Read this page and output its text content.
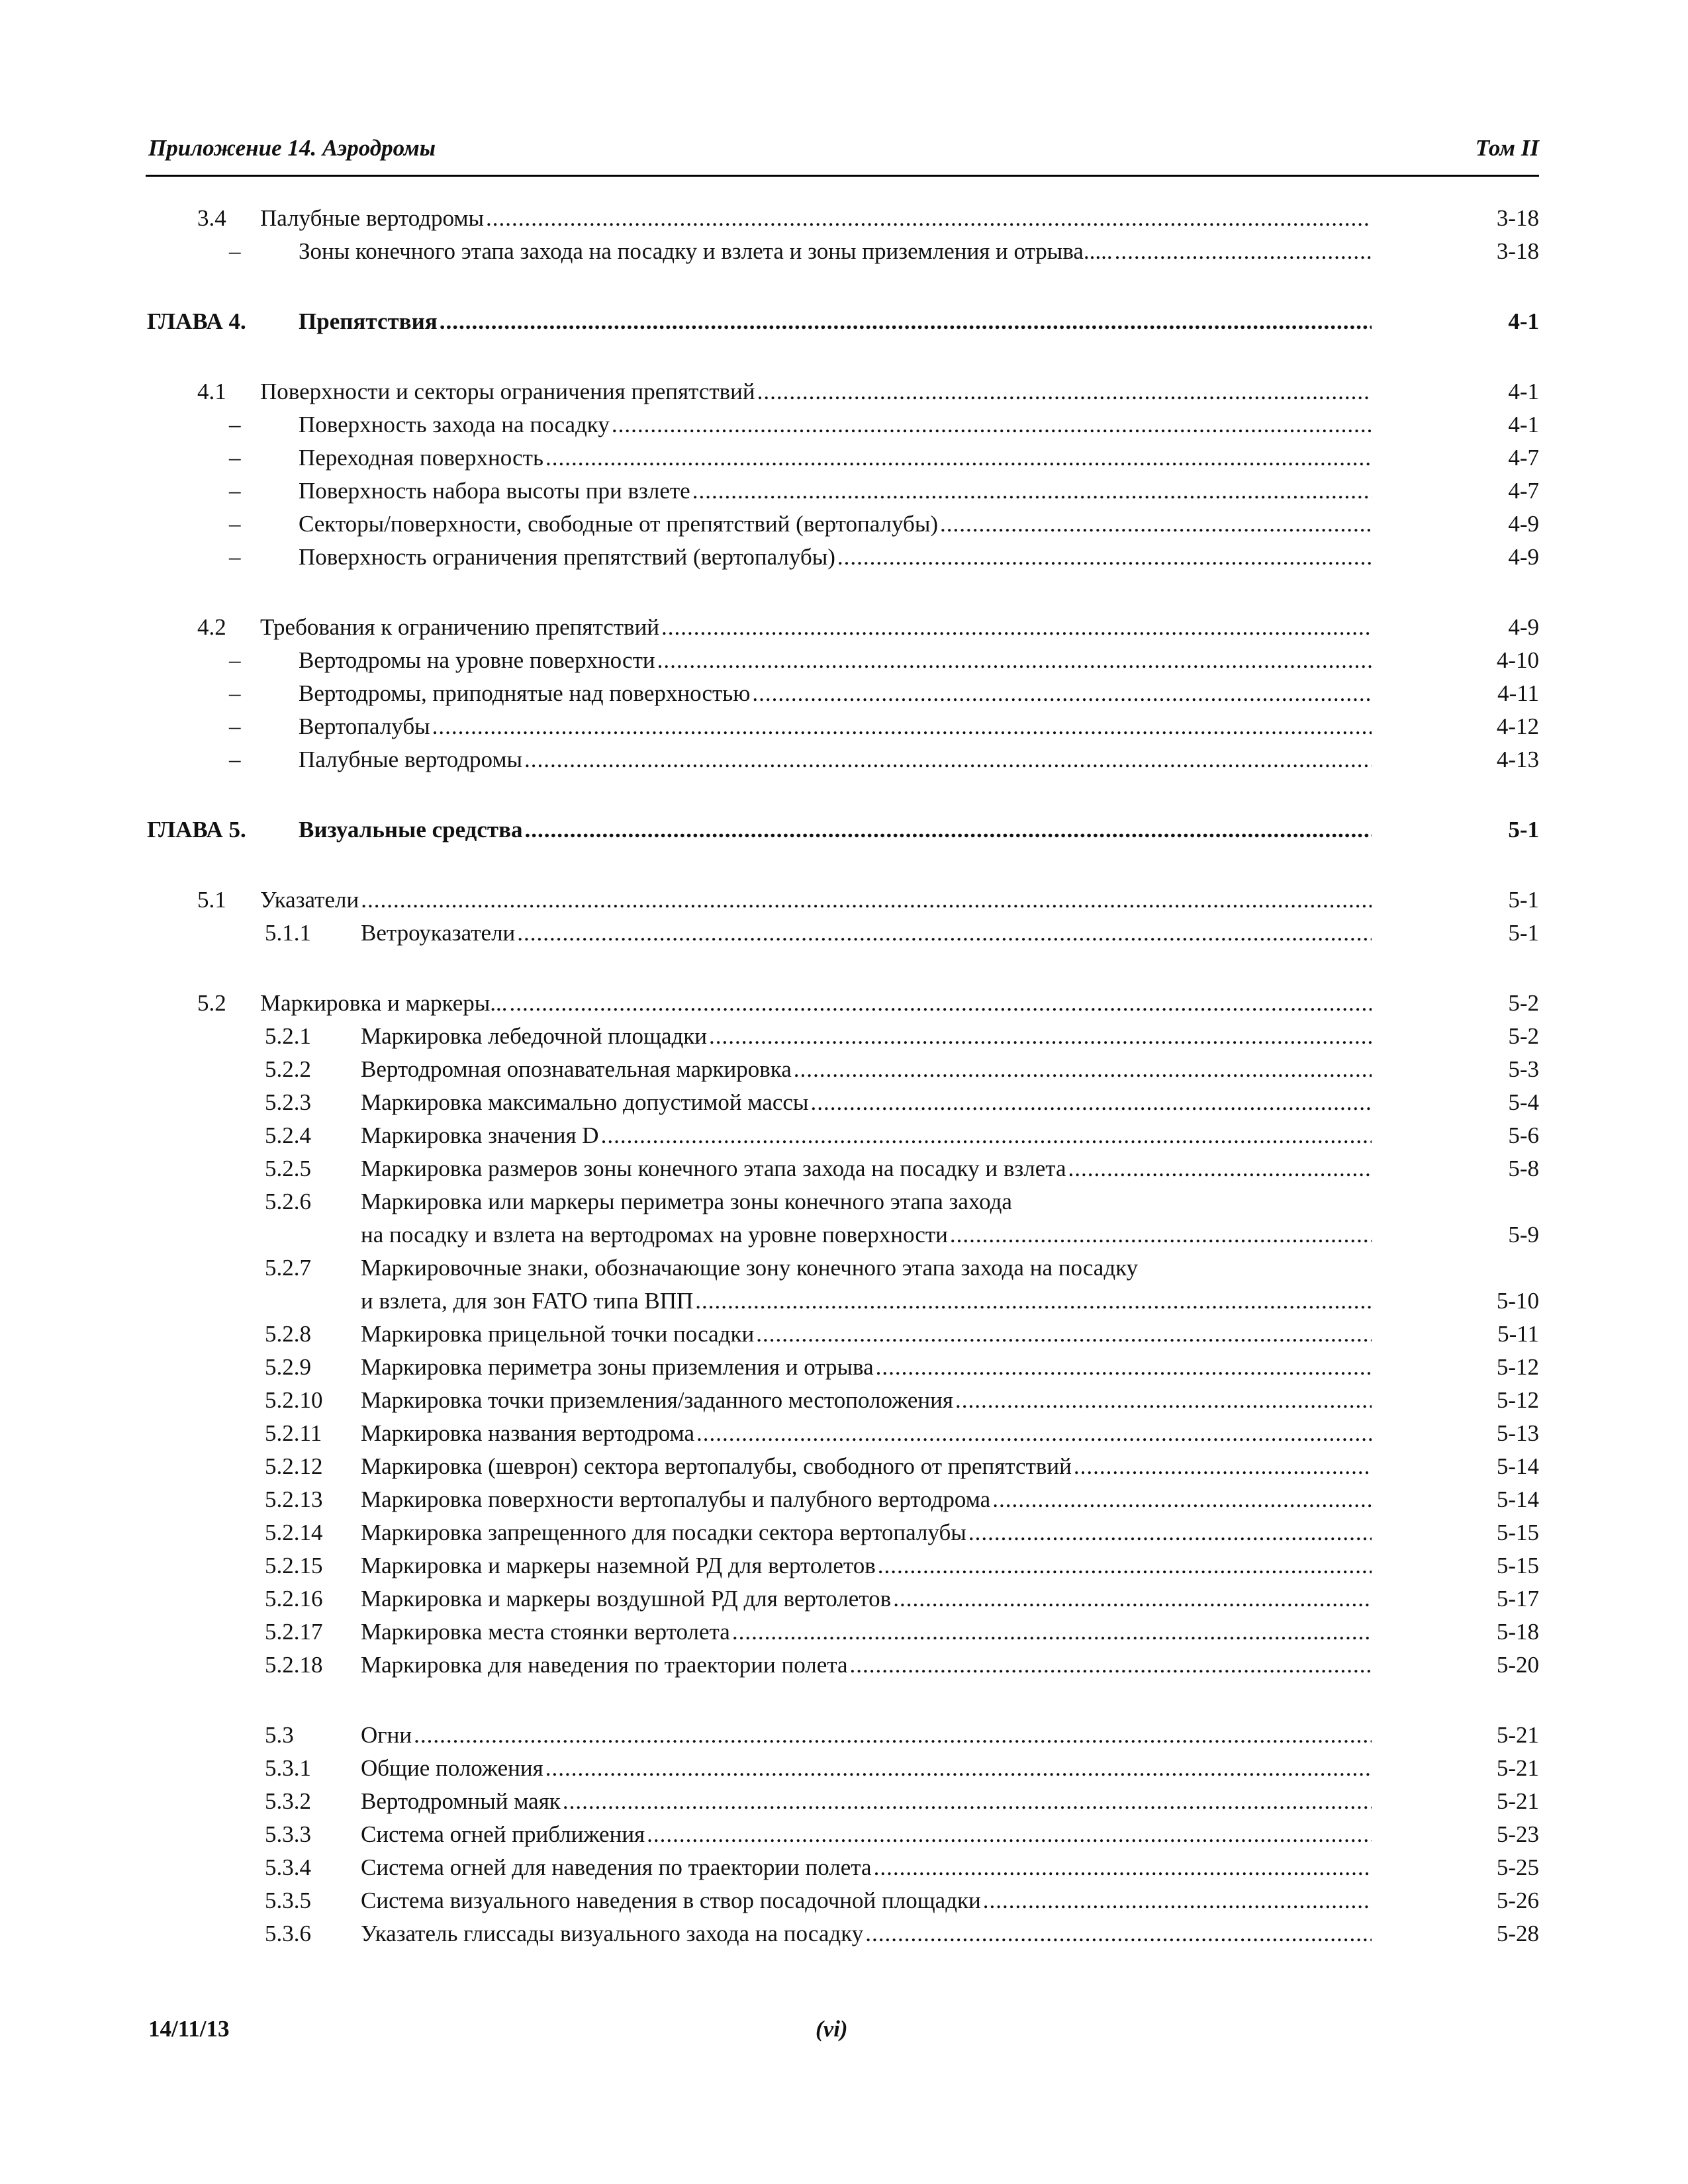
Приложение 14. Аэродромы	Том II
3.4 Палубные вертодромы .....	3-18
–	Зоны конечного этапа захода на посадку и взлета и зоны приземления и отрыва..... .....	3-18
ГЛАВА 4. Препятствия .....	4-1
4.1 Поверхности и секторы ограничения препятствий .....	4-1
–	Поверхность захода на посадку .....	4-1
–	Переходная поверхность .....	4-7
–	Поверхность набора высоты при взлете .....	4-7
–	Секторы/поверхности, свободные от препятствий (вертопалубы) .....	4-9
–	Поверхность ограничения препятствий (вертопалубы) .....	4-9
4.2 Требования к ограничению препятствий .....	4-9
–	Вертодромы на уровне поверхности .....	4-10
–	Вертодромы, приподнятые над поверхностью .....	4-11
–	Вертопалубы .....	4-12
–	Палубные вертодромы .....	4-13
ГЛАВА 5. Визуальные средства .....	5-1
5.1 Указатели .....	5-1
5.1.1 Ветроуказатели .....	5-1
5.2 Маркировка и маркеры... .....	5-2
5.2.1 Маркировка лебедочной площадки .....	5-2
5.2.2 Вертодромная опознавательная маркировка .....	5-3
5.2.3 Маркировка максимально допустимой массы .....	5-4
5.2.4 Маркировка значения D .....	5-6
5.2.5 Маркировка размеров зоны конечного этапа захода на посадку и взлета .....	5-8
5.2.6 Маркировка или маркеры периметра зоны конечного этапа захода
на посадку и взлета на вертодромах на уровне поверхности .....	5-9
5.2.7 Маркировочные знаки, обозначающие зону конечного этапа захода на посадку
и взлета, для зон FATO типа ВПП .....	5-10
5.2.8 Маркировка прицельной точки посадки .....	5-11
5.2.9 Маркировка периметра зоны приземления и отрыва .....	5-12
5.2.10 Маркировка точки приземления/заданного местоположения .....	5-12
5.2.11 Маркировка названия вертодрома .....	5-13
5.2.12 Маркировка (шеврон) сектора вертопалубы, свободного от препятствий .....	5-14
5.2.13 Маркировка поверхности вертопалубы и палубного вертодрома .....	5-14
5.2.14 Маркировка запрещенного для посадки сектора вертопалубы .....	5-15
5.2.15 Маркировка и маркеры наземной РД для вертолетов .....	5-15
5.2.16 Маркировка и маркеры воздушной РД для вертолетов .....	5-17
5.2.17 Маркировка места стоянки вертолета .....	5-18
5.2.18 Маркировка для наведения по траектории полета .....	5-20
5.3	Огни .....	5-21
5.3.1 Общие положения .....	5-21
5.3.2 Вертодромный маяк .....	5-21
5.3.3 Система огней приближения .....	5-23
5.3.4 Система огней для наведения по траектории полета .....	5-25
5.3.5 Система визуального наведения в створ посадочной площадки .....	5-26
5.3.6 Указатель глиссады визуального захода на посадку .....	5-28
14/11/13	(vi)
